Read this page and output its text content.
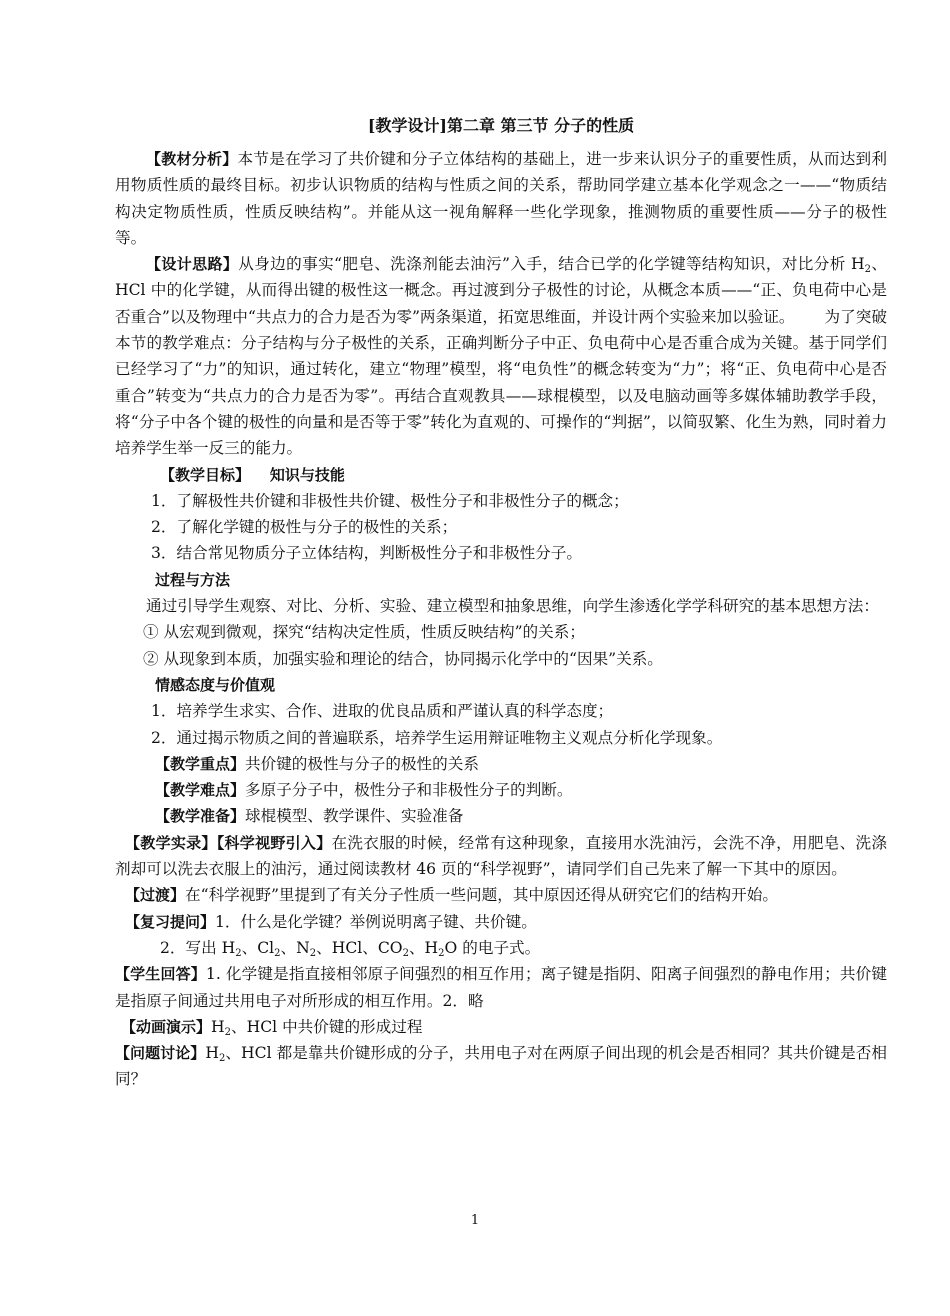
[教学设计]第二章 第三节 分子的性质

【教材分析】本节是在学习了共价键和分子立体结构的基础上，进一步来认识分子的重要性质，从而达到利用物质性质的最终目标。初步认识物质的结构与性质之间的关系，帮助同学建立基本化学观念之一——“物质结构决定物质性质，性质反映结构”。并能从这一视角解释一些化学现象，推测物质的重要性质——分子的极性等。

【设计思路】从身边的事实“肥皂、洗涤剂能去油污”入手，结合已学的化学键等结构知识，对比分析 $H_2$、HCl 中的化学键，从而得出键的极性这一概念。再过渡到分子极性的讨论，从概念本质——“正、负电荷中心是否重合”以及物理中“共点力的合力是否为零”两条渠道，拓宽思维面，并设计两个实验来加以验证。 为了突破本节的教学难点：分子结构与分子极性的关系，正确判断分子中正、负电荷中心是否重合成为关键。基于同学们已经学习了“力”的知识，通过转化，建立“物理”模型，将“电负性”的概念转变为“力”；将“正、负电荷中心是否重合”转变为“共点力的合力是否为零”。再结合直观教具——球棍模型，以及电脑动画等多媒体辅助教学手段，将“分子中各个键的极性的向量和是否等于零”转化为直观的、可操作的“判据”，以简驭繁、化生为熟，同时着力培养学生举一反三的能力。

【教学目标】 知识与技能

1．了解极性共价键和非极性共价键、极性分子和非极性分子的概念；

2．了解化学键的极性与分子的极性的关系；

3．结合常见物质分子立体结构，判断极性分子和非极性分子。

过程与方法

通过引导学生观察、对比、分析、实验、建立模型和抽象思维，向学生渗透化学学科研究的基本思想方法：

① 从宏观到微观，探究“结构决定性质，性质反映结构”的关系；

② 从现象到本质，加强实验和理论的结合，协同揭示化学中的“因果”关系。

情感态度与价值观

1．培养学生求实、合作、进取的优良品质和严谨认真的科学态度；

2．通过揭示物质之间的普遍联系，培养学生运用辩证唯物主义观点分析化学现象。

【教学重点】共价键的极性与分子的极性的关系

【教学难点】多原子分子中，极性分子和非极性分子的判断。

【教学准备】球棍模型、教学课件、实验准备

【教学实录】【科学视野引入】在洗衣服的时候，经常有这种现象，直接用水洗油污，会洗不净，用肥皂、洗涤剂却可以洗去衣服上的油污，通过阅读教材 46 页的“科学视野”，请同学们自己先来了解一下其中的原因。

【过渡】在“科学视野”里提到了有关分子性质一些问题，其中原因还得从研究它们的结构开始。

【复习提问】1．什么是化学键？举例说明离子键、共价键。

2．写出 $H_2$、$Cl_2$、$N_2$、HCl、$CO_2$、$H_2O$ 的电子式。

【学生回答】1. 化学键是指直接相邻原子间强烈的相互作用；离子键是指阴、阳离子间强烈的静电作用；共价键是指原子间通过共用电子对所形成的相互作用。2．略

【动画演示】$H_2$、HCl 中共价键的形成过程

【问题讨论】$H_2$、HCl 都是靠共价键形成的分子，共用电子对在两原子间出现的机会是否相同？其共价键是否相同？

1
